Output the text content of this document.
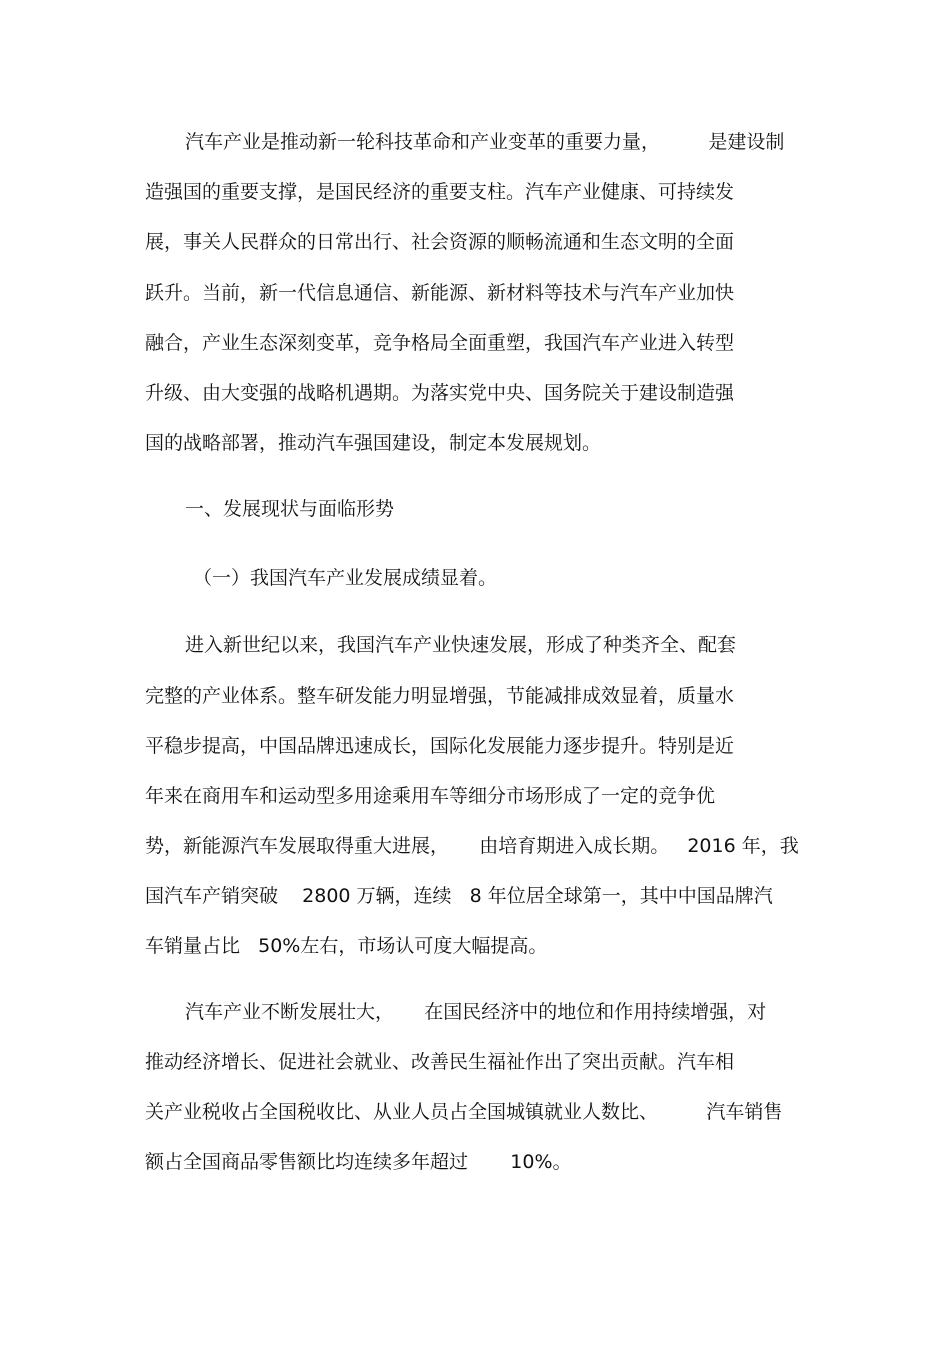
汽车产业是推动新一轮科技革命和产业变革的重要力量，        是建设制
造强国的重要支撑，是国民经济的重要支柱。汽车产业健康、可持续发
展，事关人民群众的日常出行、社会资源的顺畅流通和生态文明的全面
跃升。当前，新一代信息通信、新能源、新材料等技术与汽车产业加快
融合，产业生态深刻变革，竞争格局全面重塑，我国汽车产业进入转型
升级、由大变强的战略机遇期。为落实党中央、国务院关于建设制造强
国的战略部署，推动汽车强国建设，制定本发展规划。
一、发展现状与面临形势
（一）我国汽车产业发展成绩显着。
进入新世纪以来，我国汽车产业快速发展，形成了种类齐全、配套
完整的产业体系。整车研发能力明显增强，节能减排成效显着，质量水
平稳步提高，中国品牌迅速成长，国际化发展能力逐步提升。特别是近
年来在商用车和运动型多用途乘用车等细分市场形成了一定的竞争优
势，新能源汽车发展取得重大进展，     由培育期进入成长期。   2016 年，我
国汽车产销突破    2800 万辆，连续   8 年位居全球第一，其中中国品牌汽
车销量占比   50%左右，市场认可度大幅提高。
汽车产业不断发展壮大，     在国民经济中的地位和作用持续增强，对
推动经济增长、促进社会就业、改善民生福祉作出了突出贡献。汽车相
关产业税收占全国税收比、从业人员占全国城镇就业人数比、        汽车销售
额占全国商品零售额比均连续多年超过       10%。
